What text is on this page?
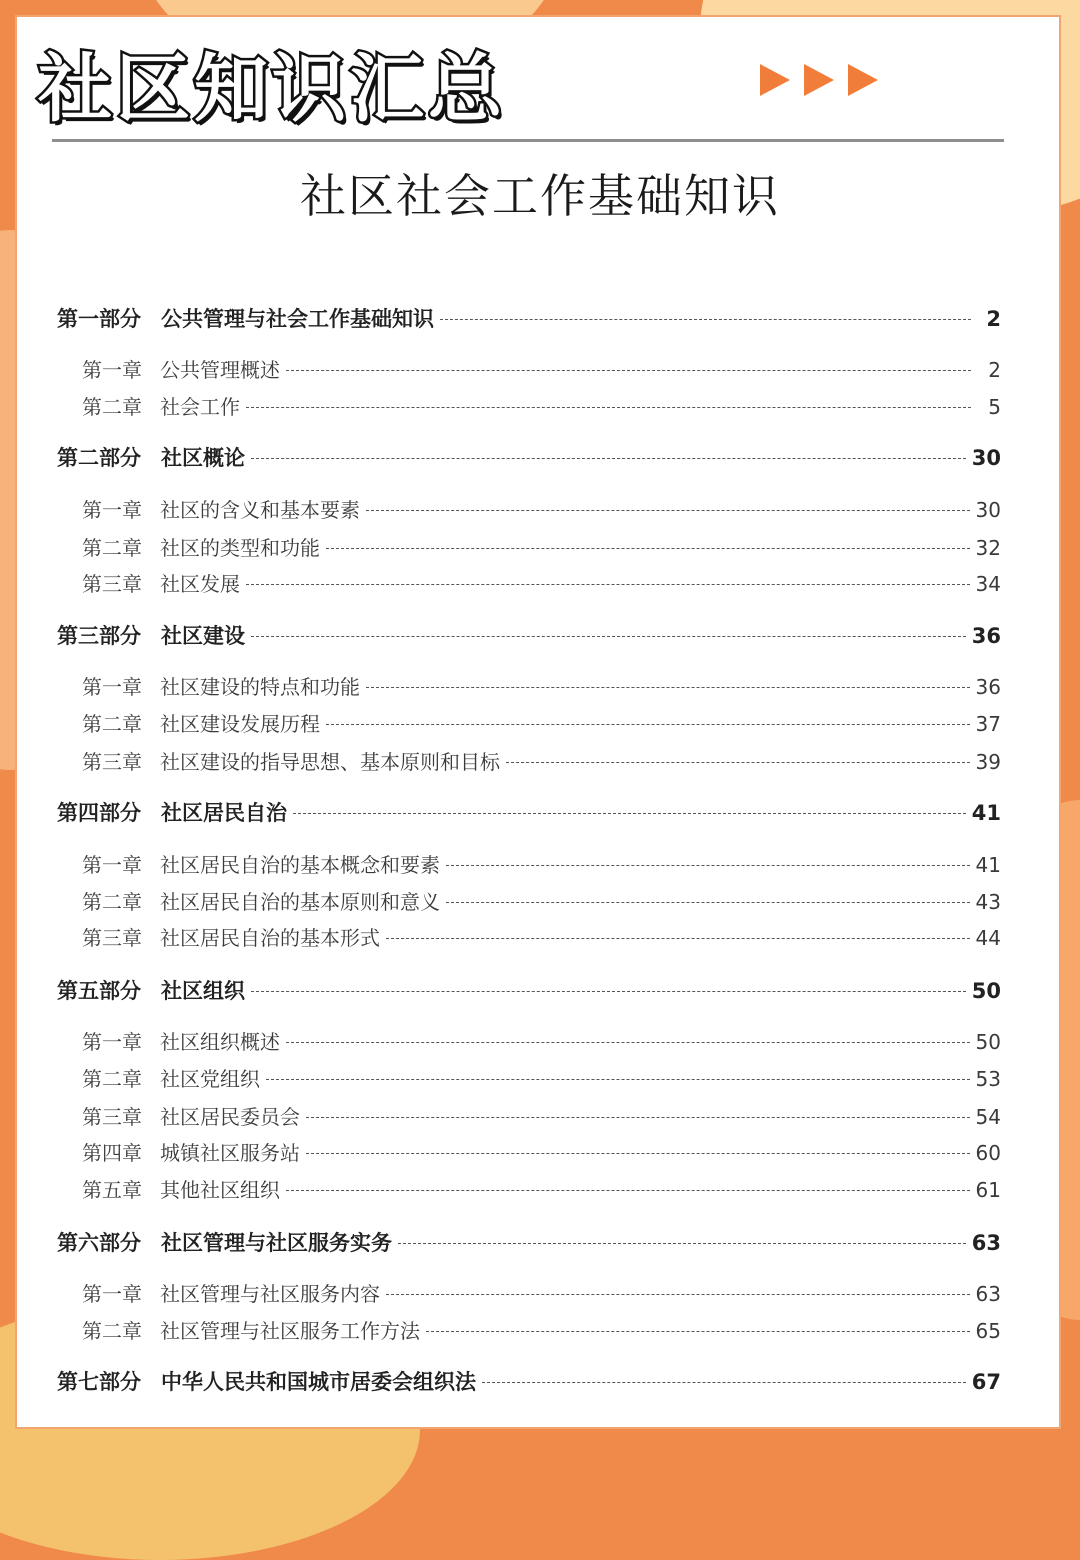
社区知识汇总
社区社会工作基础知识
第一部分 公共管理与社会工作基础知识	2
第一章 公共管理概述	2
第二章 社会工作	5
第二部分 社区概论	30
第一章 社区的含义和基本要素	30
第二章 社区的类型和功能	32
第三章 社区发展	34
第三部分 社区建设	36
第一章 社区建设的特点和功能	36
第二章 社区建设发展历程	37
第三章 社区建设的指导思想、基本原则和目标	39
第四部分 社区居民自治	41
第一章 社区居民自治的基本概念和要素	41
第二章 社区居民自治的基本原则和意义	43
第三章 社区居民自治的基本形式	44
第五部分 社区组织	50
第一章 社区组织概述	50
第二章 社区党组织	53
第三章 社区居民委员会	54
第四章 城镇社区服务站	60
第五章 其他社区组织	61
第六部分 社区管理与社区服务实务	63
第一章 社区管理与社区服务内容	63
第二章 社区管理与社区服务工作方法	65
第七部分 中华人民共和国城市居委会组织法	67
